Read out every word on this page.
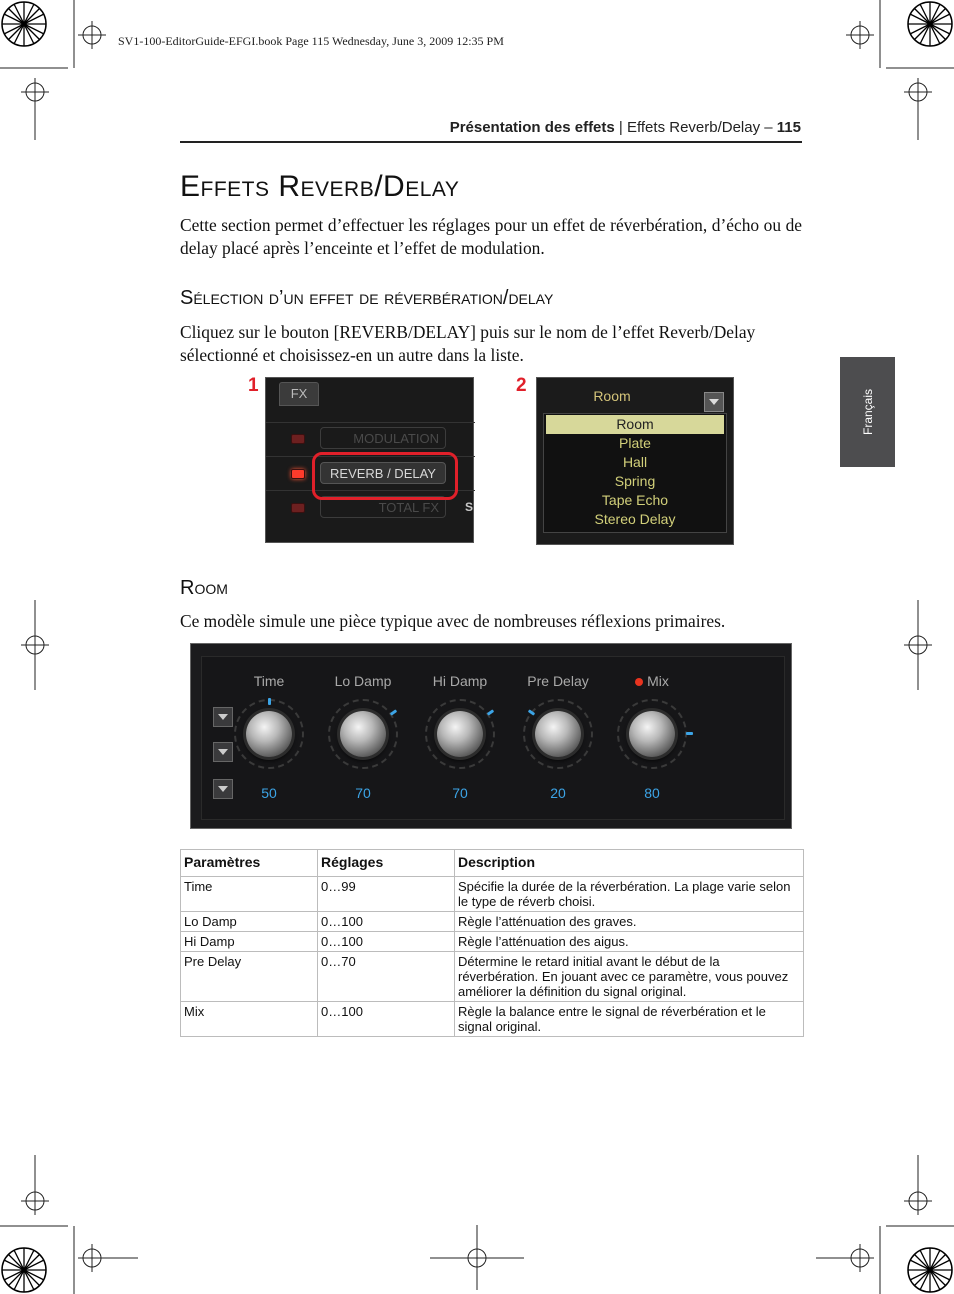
SV1-100-EditorGuide-EFGI.book Page 115 Wednesday, June 3, 2009 12:35 PM
Présentation des effets | Effets Reverb/Delay – 115
Français
Effets Reverb/Delay
Cette section permet d’effectuer les réglages pour un effet de réverbération, d’écho ou de delay placé après l’enceinte et l’effet de modulation.
Sélection d’un effet de réverbération/delay
Cliquez sur le bouton [REVERB/DELAY] puis sur le nom de l’effet Reverb/Delay sélectionné et choisissez-en un autre dans la liste.
1	FX
MODULATION
REVERB / DELAY
TOTAL FX	S
2	Room
Room
Plate
Hall
Spring
Tape Echo
Stereo Delay
Room
Ce modèle simule une pièce typique avec de nombreuses réflexions primaires.
Time
50
Lo Damp
70
Hi Damp
70
Pre Delay
20
Mix
80
Paramètres	Réglages	Description
Time	0…99	Spécifie la durée de la réverbération. La plage varie selon le type de réverb choisi.
Lo Damp	0…100	Règle l’atténuation des graves.
Hi Damp	0…100	Règle l’atténuation des aigus.
Pre Delay	0…70	Détermine le retard initial avant le début de la réverbération. En jouant avec ce paramètre, vous pouvez améliorer la définition du signal original.
Mix	0…100	Règle la balance entre le signal de réverbération et le signal original.
